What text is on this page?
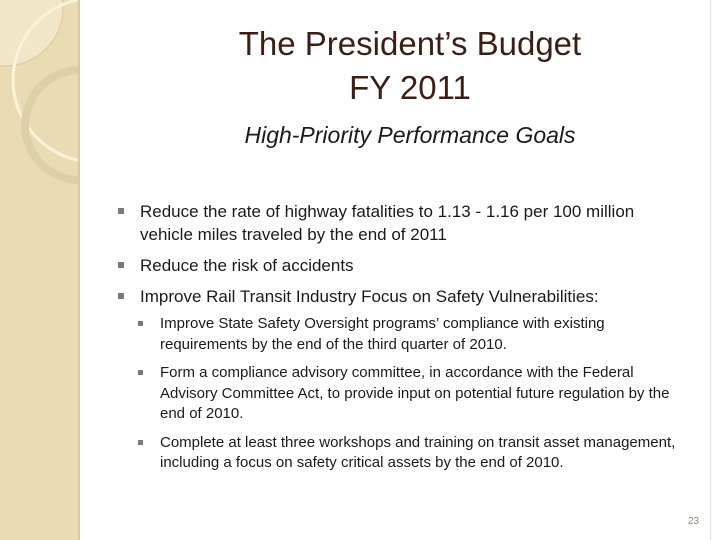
The President’s Budget
FY 2011
High-Priority Performance Goals
Reduce the rate of highway fatalities to 1.13 - 1.16 per 100 million vehicle miles traveled by the end of 2011
Reduce the risk of accidents
Improve Rail Transit Industry Focus on Safety Vulnerabilities:
Improve State Safety Oversight programs’ compliance with existing requirements by the end of the third quarter of 2010.
Form a compliance advisory committee, in accordance with the Federal Advisory Committee Act, to provide input on potential future regulation by the end of 2010.
Complete at least three workshops and training on transit asset management, including a focus on safety critical assets by the end of 2010.
23
